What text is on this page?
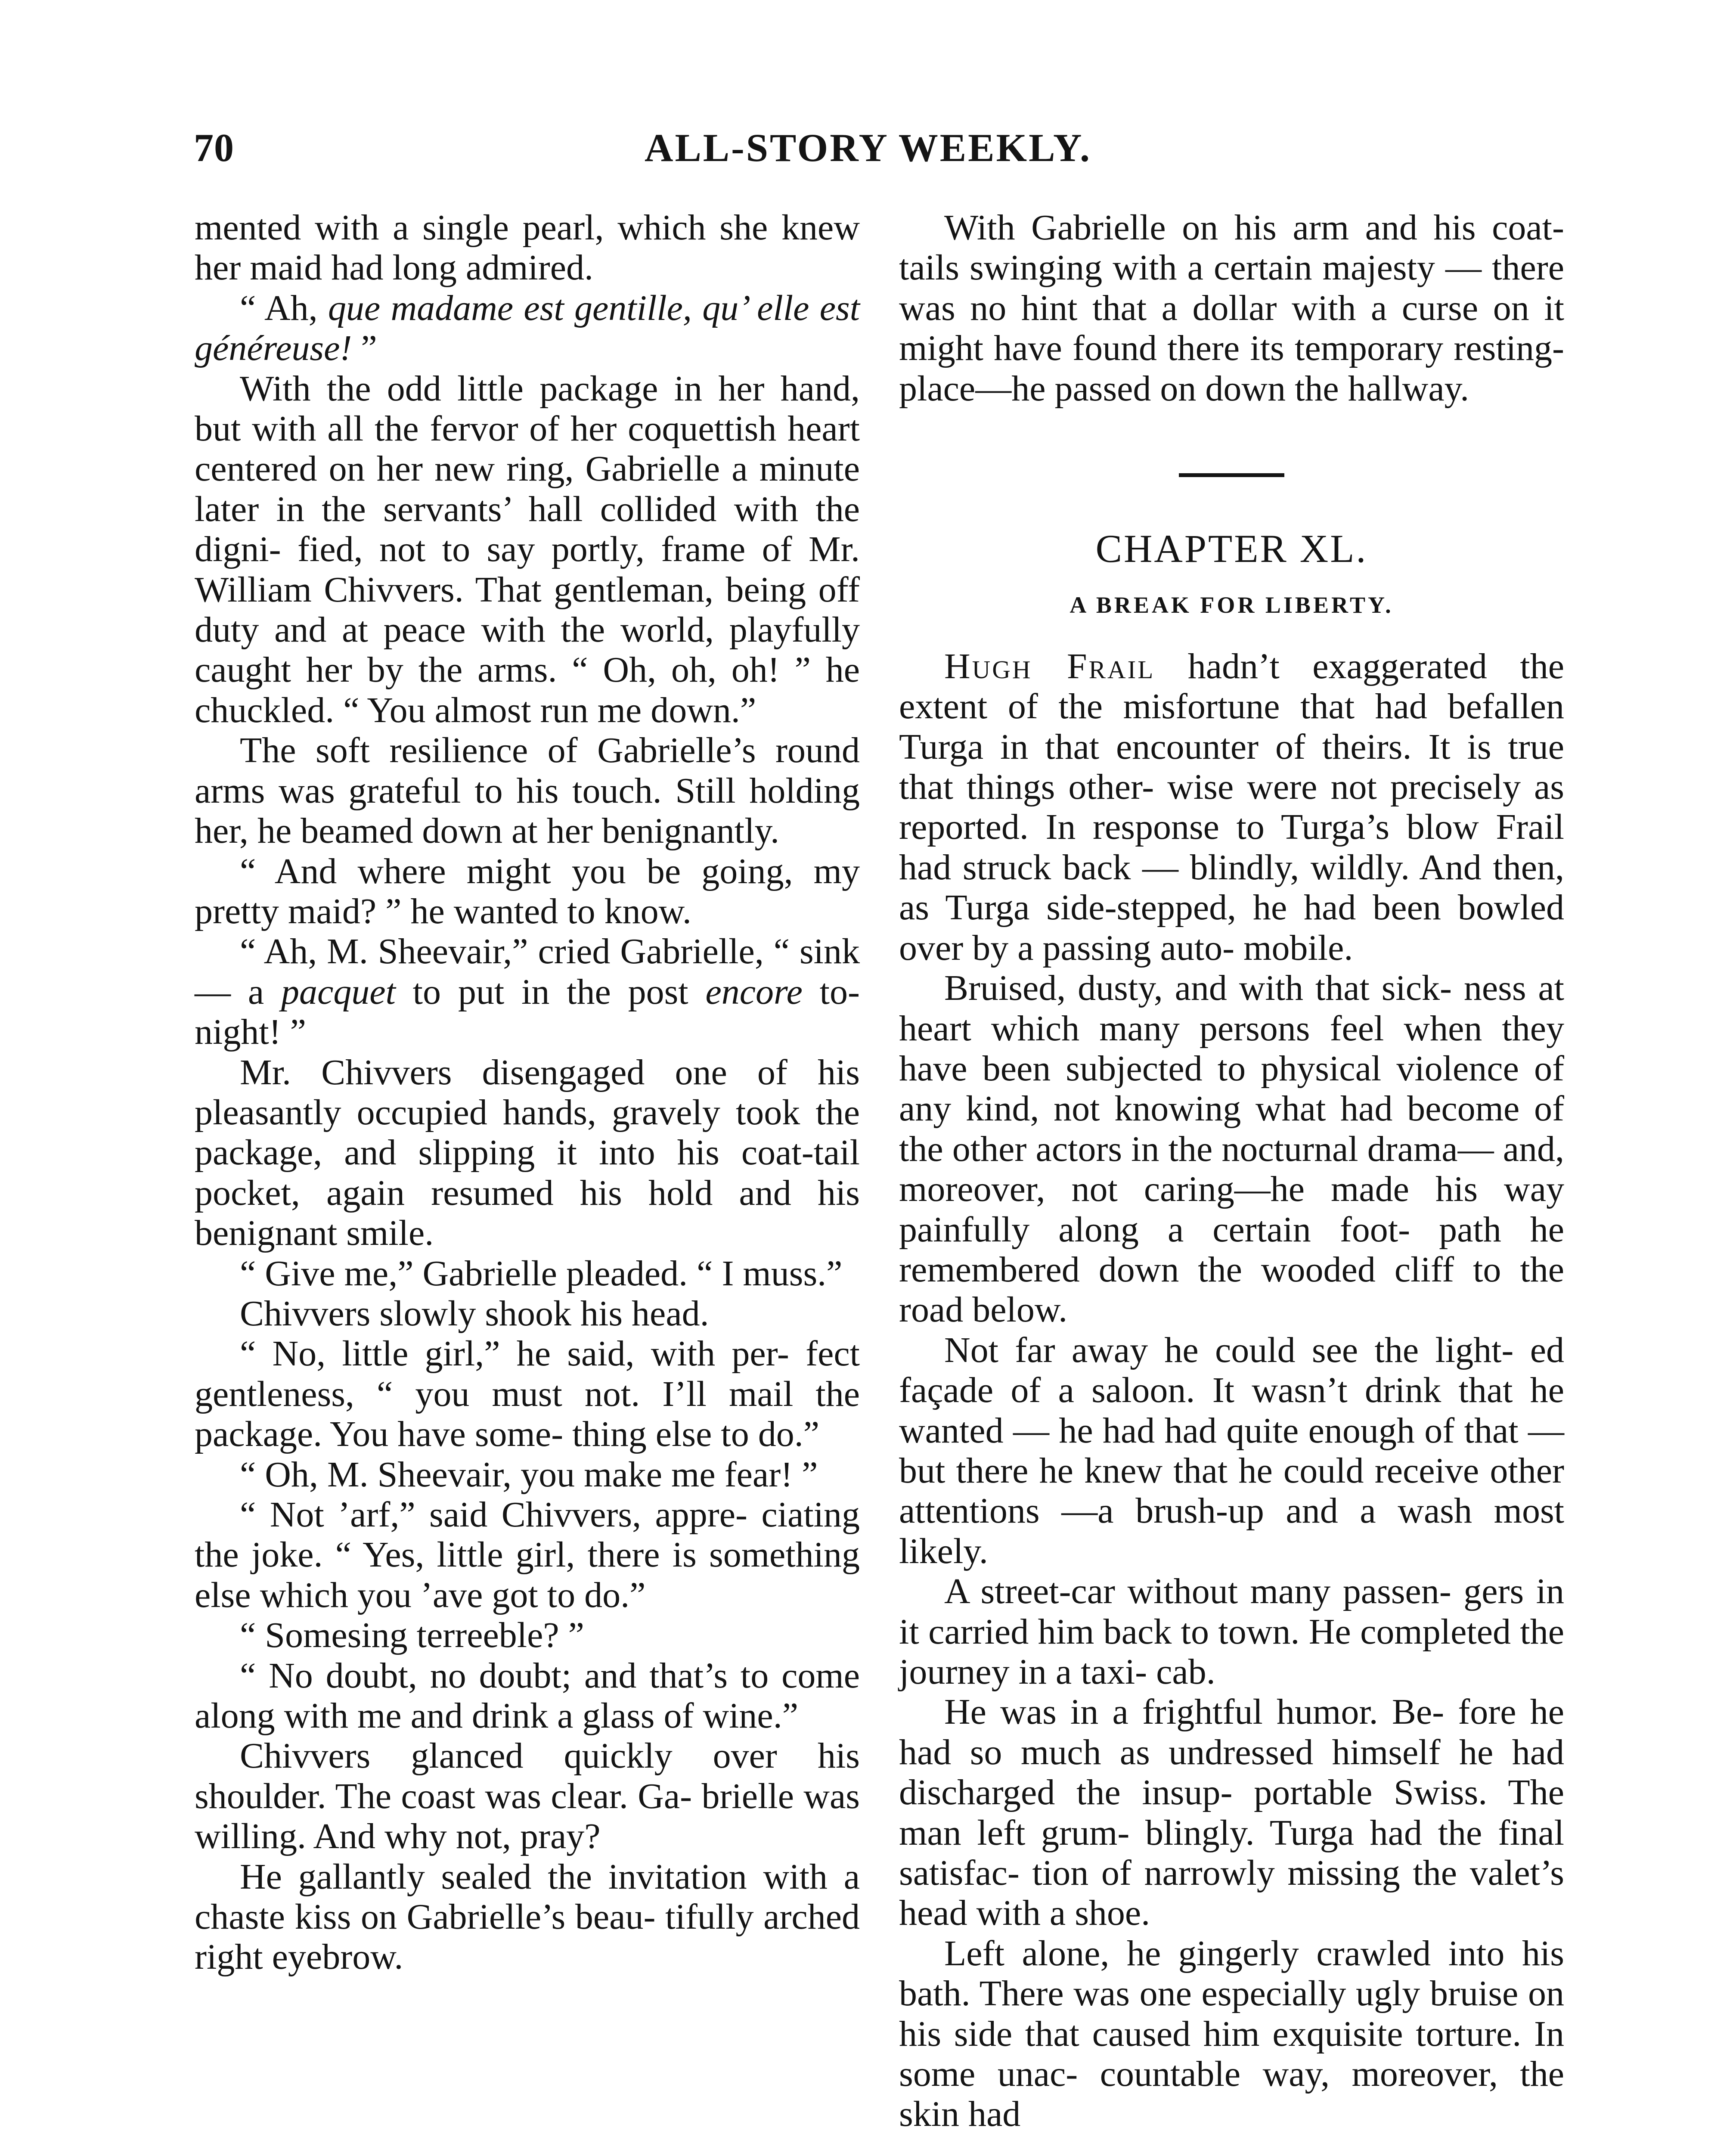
70	ALL-STORY WEEKLY.

mented with a single pearl, which she knew her maid had long admired.

“ Ah, que madame est gentille, qu’ elle est généreuse! ”

With the odd little package in her hand, but with all the fervor of her coquettish heart centered on her new ring, Gabrielle a minute later in the servants’ hall collided with the digni- fied, not to say portly, frame of Mr. William Chivvers. That gentleman, being off duty and at peace with the world, playfully caught her by the arms. “ Oh, oh, oh! ” he chuckled. “ You almost run me down.”

The soft resilience of Gabrielle’s round arms was grateful to his touch. Still holding her, he beamed down at her benignantly.

“ And where might you be going, my pretty maid? ” he wanted to know.

“ Ah, M. Sheevair,” cried Gabrielle, “ sink — a pacquet to put in the post encore to-night! ”

Mr. Chivvers disengaged one of his pleasantly occupied hands, gravely took the package, and slipping it into his coat-tail pocket, again resumed his hold and his benignant smile.

“ Give me,” Gabrielle pleaded. “ I muss.”

Chivvers slowly shook his head.

“ No, little girl,” he said, with per- fect gentleness, “ you must not. I’ll mail the package. You have some- thing else to do.”

“ Oh, M. Sheevair, you make me fear! ”

“ Not ’arf,” said Chivvers, appre- ciating the joke. “ Yes, little girl, there is something else which you ’ave got to do.”

“ Somesing terreeble? ”

“ No doubt, no doubt; and that’s to come along with me and drink a glass of wine.”

Chivvers glanced quickly over his shoulder. The coast was clear. Ga- brielle was willing. And why not, pray?

He gallantly sealed the invitation with a chaste kiss on Gabrielle’s beau- tifully arched right eyebrow.

With Gabrielle on his arm and his coat-tails swinging with a certain majesty — there was no hint that a dollar with a curse on it might have found there its temporary resting- place—he passed on down the hallway.

CHAPTER XL.
A BREAK FOR LIBERTY.

Hugh Frail hadn’t exaggerated the extent of the misfortune that had befallen Turga in that encounter of theirs. It is true that things other- wise were not precisely as reported. In response to Turga’s blow Frail had struck back — blindly, wildly. And then, as Turga side-stepped, he had been bowled over by a passing auto- mobile.

Bruised, dusty, and with that sick- ness at heart which many persons feel when they have been subjected to physical violence of any kind, not knowing what had become of the other actors in the nocturnal drama— and, moreover, not caring—he made his way painfully along a certain foot- path he remembered down the wooded cliff to the road below.

Not far away he could see the light- ed façade of a saloon. It wasn’t drink that he wanted — he had had quite enough of that — but there he knew that he could receive other attentions —a brush-up and a wash most likely.

A street-car without many passen- gers in it carried him back to town. He completed the journey in a taxi- cab.

He was in a frightful humor. Be- fore he had so much as undressed himself he had discharged the insup- portable Swiss. The man left grum- blingly. Turga had the final satisfac- tion of narrowly missing the valet’s head with a shoe.

Left alone, he gingerly crawled into his bath. There was one especially ugly bruise on his side that caused him exquisite torture. In some unac- countable way, moreover, the skin had
